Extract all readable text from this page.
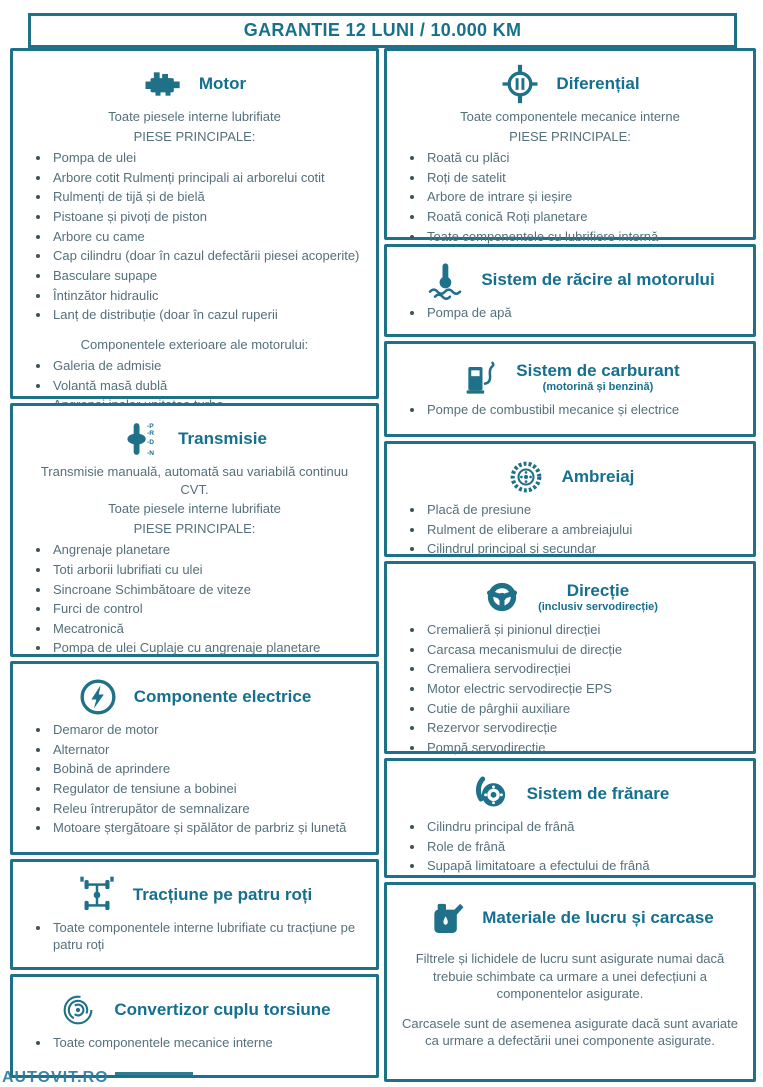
GARANTIE 12 LUNI / 10.000 KM
Motor

Toate piesele interne lubrifiate

PIESE PRINCIPALE:

• Pompa de ulei
• Arbore cotit Rulmenți principali ai arborelui cotit
• Rulmenți de tijă și de bielă
• Pistoane și pivoți de piston
• Arbore cu came
• Cap cilindru (doar în cazul defectării piesei acoperite)
• Basculare supape
• Întinzător hidraulic
• Lanț de distribuție (doar în cazul ruperii

Componentele exterioare ale motorului:

• Galeria de admisie
• Volantă masă dublă
•
-P
-R
-D
-N
Transmisie

Transmisie manuală, automată sau variabilă continuu CVT.

Toate piesele interne lubrifiate

PIESE PRINCIPALE:

• Angrenaje planetare
• Toti arborii lubrifiati cu ulei
• Sincroane Schimbătoare de viteze
• Furci de control
• Mecatronică
• Pompa de ulei Cuplaje cu angrenaje planetare
Componente electrice
• Demaror de motor
• Alternator
• Bobină de aprindere
• Regulator de tensiune a bobinei
• Releu întrerupător de semnalizare
• Motoare ștergătoare și spălător de parbriz și lunetă
Tracțiune pe patru roți
• Toate componentele interne lubrifiate cu tracțiune pe patru roți
Convertizor cuplu torsiune
• Toate componentele mecanice interne
Diferențial

Toate componentele mecanice interne

PIESE PRINCIPALE:

• Roată cu plăci
• Roți de satelit
• Arbore de intrare și ieșire
• Roată conică Roți planetare
• Toate componentele cu lubrifiere internă
Sistem de răcire al motorului
• Pompa de apă
Sistem de carburant
(motorină și benzină)
• Pompe de combustibil mecanice și electrice
Ambreiaj
• Placă de presiune
• Rulment de eliberare a ambreiajului
• Cilindrul principal și secundar
Direcție
(inclusiv servodirecție)
• Cremalieră și pinionul direcției
• Carcasa mecanismului de direcție
• Cremaliera servodirecției
• Motor electric servodirecție EPS
• Cutie de pârghii auxiliare
• Rezervor servodirecție
• Pompă servodirecție
Sistem de frănare
• Cilindru principal de frână
• Role de frână
• Supapă limitatoare a efectului de frână
Materiale de lucru și carcase

Filtrele și lichidele de lucru sunt asigurate numai dacă trebuie schimbate ca urmare a unei defecțiuni a componentelor asigurate.

Carcasele sunt de asemenea asigurate dacă sunt avariate ca urmare a defectării unei componente asigurate.

AUTOVIT.RO
